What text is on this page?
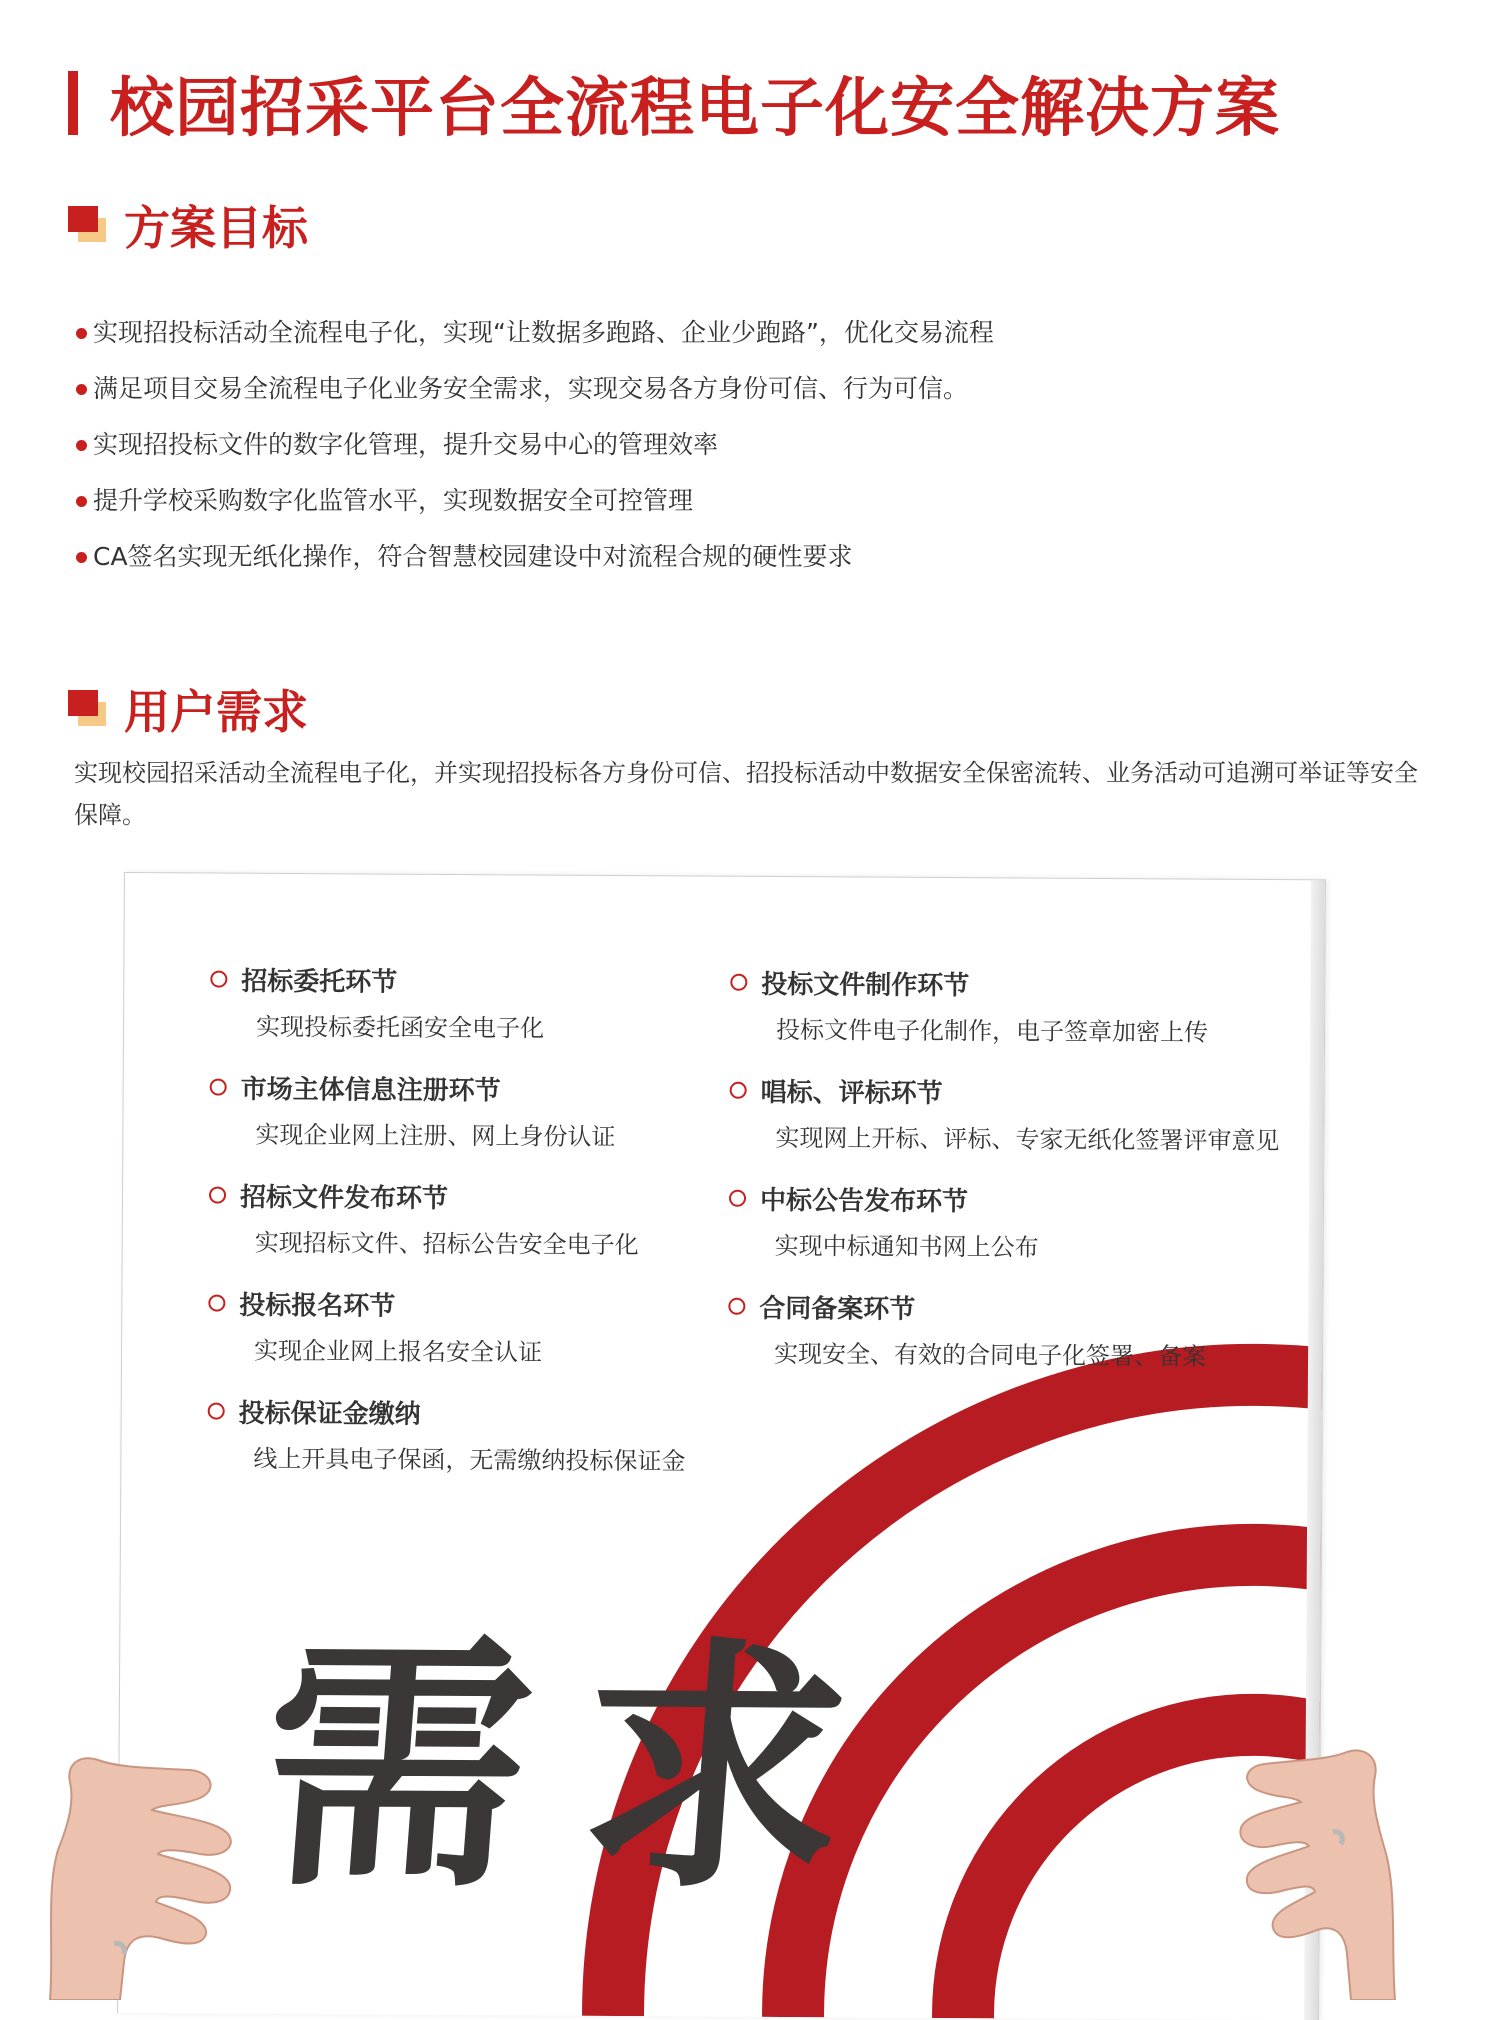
校园招采平台全流程电子化安全解决方案
方案目标
实现招投标活动全流程电子化，实现“让数据多跑路、企业少跑路”，优化交易流程
满足项目交易全流程电子化业务安全需求，实现交易各方身份可信、行为可信。
实现招投标文件的数字化管理，提升交易中心的管理效率
提升学校采购数字化监管水平，实现数据安全可控管理
CA签名实现无纸化操作，符合智慧校园建设中对流程合规的硬性要求
用户需求
实现校园招采活动全流程电子化，并实现招投标各方身份可信、招投标活动中数据安全保密流转、业务活动可追溯可举证等安全保障。
招标委托环节
实现投标委托函安全电子化
市场主体信息注册环节
实现企业网上注册、网上身份认证
招标文件发布环节
实现招标文件、招标公告安全电子化
投标报名环节
实现企业网上报名安全认证
投标保证金缴纳
线上开具电子保函，无需缴纳投标保证金
投标文件制作环节
投标文件电子化制作，电子签章加密上传
唱标、评标环节
实现网上开标、评标、专家无纸化签署评审意见
中标公告发布环节
实现中标通知书网上公布
合同备案环节
实现安全、有效的合同电子化签署、备案
需 求
